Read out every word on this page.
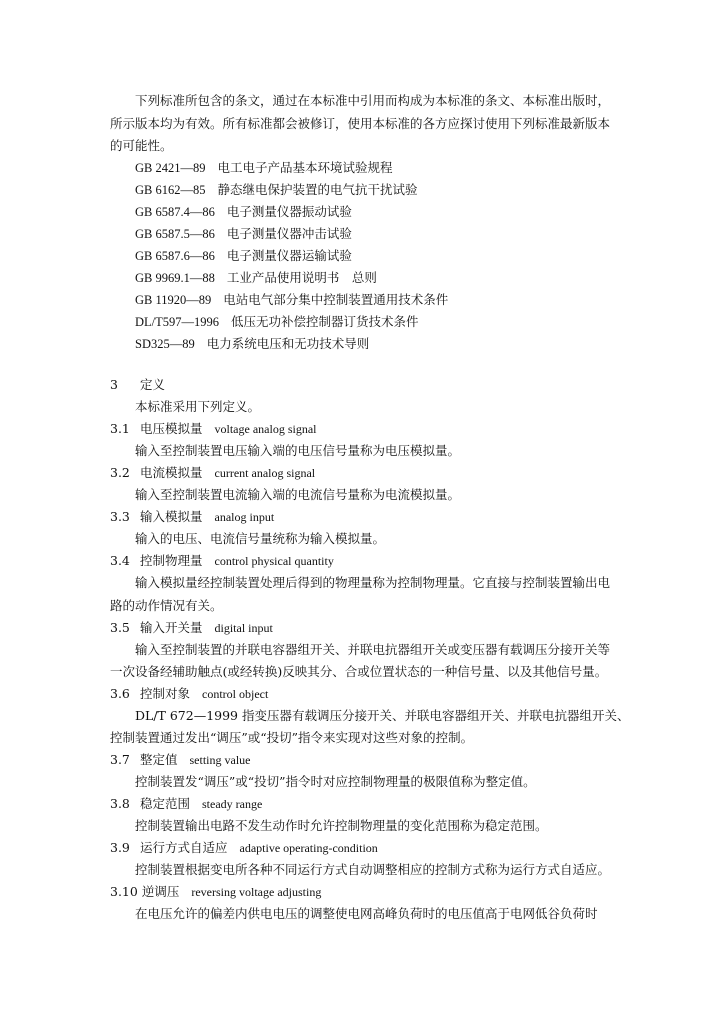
下列标准所包含的条文，通过在本标准中引用而构成为本标准的条文、本标准出版时，
所示版本均为有效。所有标准都会被修订，使用本标准的各方应探讨使用下列标准最新版本
的可能性。
GB 2421—89 电工电子产品基本环境试验规程
GB 6162—85 静态继电保护装置的电气抗干扰试验
GB 6587.4—86 电子测量仪器振动试验
GB 6587.5—86 电子测量仪器冲击试验
GB 6587.6—86 电子测量仪器运输试验
GB 9969.1—88 工业产品使用说明书　总则
GB 11920—89 电站电气部分集中控制装置通用技术条件
DL/T597—1996 低压无功补偿控制器订货技术条件
SD325—89 电力系统电压和无功技术导则
3 定义
本标准采用下列定义。
3.1 电压模拟量 voltage analog signal
输入至控制装置电压输入端的电压信号量称为电压模拟量。
3.2 电流模拟量 current analog signal
输入至控制装置电流输入端的电流信号量称为电流模拟量。
3.3 输入模拟量 analog input
输入的电压、电流信号量统称为输入模拟量。
3.4 控制物理量 control physical quantity
输入模拟量经控制装置处理后得到的物理量称为控制物理量。它直接与控制装置输出电
路的动作情况有关。
3.5 输入开关量 digital input
输入至控制装置的并联电容器组开关、并联电抗器组开关或变压器有载调压分接开关等
一次设备经辅助触点(或经转换)反映其分、合或位置状态的一种信号量、以及其他信号量。
3.6 控制对象 control object
DL/T 672—1999 指变压器有载调压分接开关、并联电容器组开关、并联电抗器组开关、
控制装置通过发出“调压”或“投切”指令来实现对这些对象的控制。
3.7 整定值 setting value
控制装置发“调压”或“投切”指令时对应控制物理量的极限值称为整定值。
3.8 稳定范围 steady range
控制装置输出电路不发生动作时允许控制物理量的变化范围称为稳定范围。
3.9 运行方式自适应 adaptive operating-condition
控制装置根据变电所各种不同运行方式自动调整相应的控制方式称为运行方式自适应。
3.10 逆调压 reversing voltage adjusting
在电压允许的偏差内供电电压的调整使电网高峰负荷时的电压值高于电网低谷负荷时
